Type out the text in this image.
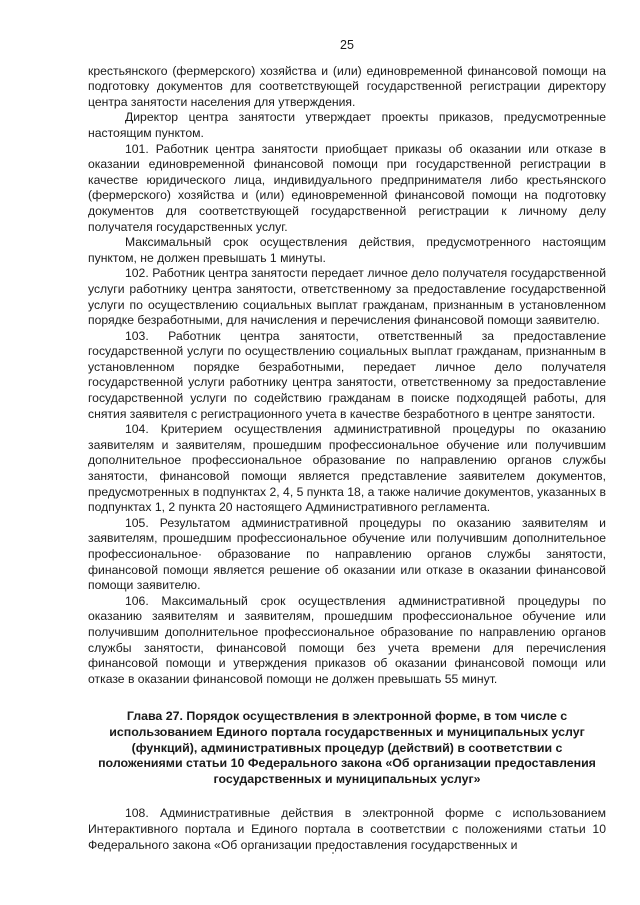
25

крестьянского (фермерского) хозяйства и (или) единовременной финансовой помощи на подготовку документов для соответствующей государственной регистрации директору центра занятости населения для утверждения.

Директор центра занятости утверждает проекты приказов, предусмотренные настоящим пунктом.

101. Работник центра занятости приобщает приказы об оказании или отказе в оказании единовременной финансовой помощи при государственной регистрации в качестве юридического лица, индивидуального предпринимателя либо крестьянского (фермерского) хозяйства и (или) единовременной финансовой помощи на подготовку документов для соответствующей государственной регистрации к личному делу получателя государственных услуг.

Максимальный срок осуществления действия, предусмотренного настоящим пунктом, не должен превышать 1 минуты.

102. Работник центра занятости передает личное дело получателя государственной услуги работнику центра занятости, ответственному за предоставление государственной услуги по осуществлению социальных выплат гражданам, признанным в установленном порядке безработными, для начисления и перечисления финансовой помощи заявителю.

103. Работник центра занятости, ответственный за предоставление государственной услуги по осуществлению социальных выплат гражданам, признанным в установленном порядке безработными, передает личное дело получателя государственной услуги работнику центра занятости, ответственному за предоставление государственной услуги по содействию гражданам в поиске подходящей работы, для снятия заявителя с регистрационного учета в качестве безработного в центре занятости.

104. Критерием осуществления административной процедуры по оказанию заявителям и заявителям, прошедшим профессиональное обучение или получившим дополнительное профессиональное образование по направлению органов службы занятости, финансовой помощи является представление заявителем документов, предусмотренных в подпунктах 2, 4, 5 пункта 18, а также наличие документов, указанных в подпунктах 1, 2 пункта 20 настоящего Административного регламента.

105. Результатом административной процедуры по оказанию заявителям и заявителям, прошедшим профессиональное обучение или получившим дополнительное профессиональное· образование по направлению органов службы занятости, финансовой помощи является решение об оказании или отказе в оказании финансовой помощи заявителю.

106. Максимальный срок осуществления административной процедуры по оказанию заявителям и заявителям, прошедшим профессиональное обучение или получившим дополнительное профессиональное образование по направлению органов службы занятости, финансовой помощи без учета времени для перечисления финансовой помощи и утверждения приказов об оказании финансовой помощи или отказе в оказании финансовой помощи не должен превышать 55 минут.

Глава 27. Порядок осуществления в электронной форме, в том числе с использованием Единого портала государственных и муниципальных услуг (функций), административных процедур (действий) в соответствии с положениями статьи 10 Федерального закона «Об организации предоставления государственных и муниципальных услуг»

108. Административные действия в электронной форме с использованием Интерактивного портала и Единого портала в соответствии с положениями статьи 10 Федерального закона «Об организации предоставления государственных и
